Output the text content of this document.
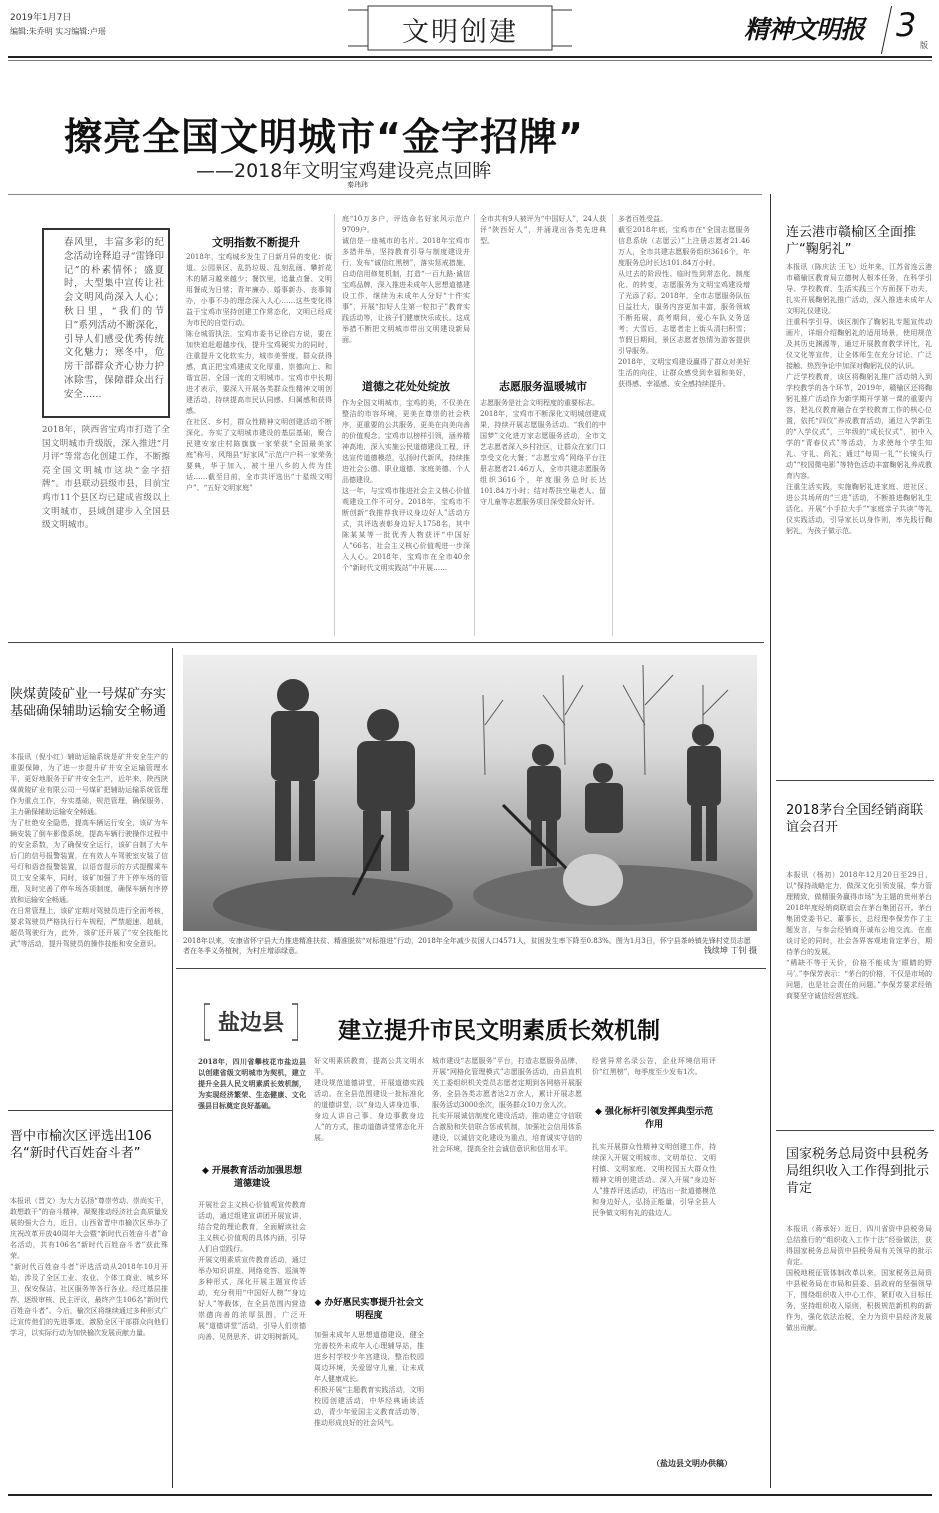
2019年1月7日
编辑:朱乔明 实习编辑:卢瑶	文明创建	精神文明报 3
版
擦亮全国文明城市“金字招牌”
——2018年文明宝鸡建设亮点回眸
秦玮玮
春风里，丰富多彩的纪念活动诠释追寻“雷锋印记”的朴素情怀；盛夏时，大型集中宣传让社会文明风尚深入人心；秋日里，“我们的节日”系列活动不断深化，引导人们感受优秀传统文化魅力；寒冬中，危房干部群众齐心协力护冰除雪，保障群众出行安全……
2018年，陕西省宝鸡市打造了全国文明城市升级版，深入推进“月月评”等常态化创建工作，不断擦亮全国文明城市这块“金字招牌”。市县联动县级市县，目前宝鸡市11个县区均已建成省级以上文明城市，县域创建步入全国县级文明城市。
文明指数不断提升
2018年，宝鸡城乡发生了日新月异的变化：街道、公园景区、乱扔垃圾、乱刻乱画、攀折花木的陋习越来越少；餐饮里，追量点餐、文明用餐成为日常；青年廉办、婚事新办、丧事简办，小事不办的理念深入人心……这些变化得益于宝鸡市坚持创建工作常态化，文明已经成为市民的自觉行动。
陈仓城管执法，宝鸡市委书记徐启方说，要在加快追赶超越步伐，提升宝鸡硬实力的同时，注重提升文化软实力，城市美誉度，群众获得感，真正把宝鸡建成文化厚重、崇德向上、和谐宜居、全国一流的文明城市。宝鸡市中长期进才表示，要深入开展各类群众性精神文明创建活动，持续提高市民认同感、归属感和获得感。
在社区、乡村，群众性精神文明创建活动不断深化。夯实了文明城市建设的基层基础，聚合民建安家庄村陈旗旗一家荣获“全国最美家庭”称号，风翔县“好家风”示范户户科一家荣务要典，华于加入，被十里八乡的人传为佳话……截至目前，全市共评选出“十星级文明户”、“五好文明家庭”
庭“10万多户，评选命名好家风示范户9709户。
诚信是一座城市的名片。2018年宝鸡市多措并举，坚持教育引导与制度建设并行，发布“诚信红黑榜”，落实惩戒措施，自动信用修复机制，打造“一百九路·诚信宝鸡品牌，深入推进未成年人思想道德建设工作，继续为未成年人分好“十件实事”，开展“扣好人生第一粒扣子”教育实践活动等，让孩子们健康快乐成长。这成举措不断把文明城市带出文明建设新局面。
道德之花处处绽放
作为全国文明城市，宝鸡的美，不仅美在整洁的市容环境，更美在尊崇的社会秩序，更重要的公共服务，更美在向美向善的价值观念。宝鸡市以榜样引领，涵养精神高地，深入实施公民道德建设工程，评选宣传道德模范，弘扬时代新风，持续推进社会公德、职业道德、家庭美德、个人品德建设。
这一年，与宝鸡市推进社会主义核心价值观建设工作不可分。2018年，宝鸡市不断创新“我推荐我评议身边好人”活动方式，共评选表彰身边好人1758名，其中陈某某等一批优秀人物获评“中国好人”66名，社会主义核心价值观进一步深入人心。2018年，宝鸡市在全市40余个“新时代文明实践站”中开展……
全市共有9人被评为“中国好人”，24人获评“陕西好人”，并涌现出各类先进典型。
志愿服务温暖城市
志愿服务是社会文明程度的重要标志。
2018年，宝鸡市不断深化文明城创建成果，持续开展志愿服务活动。“我们的中国梦”文化进万家志愿服务活动，全市文艺志愿者深入乡村社区，让群众在家门口享受文化大餐；“志愿宝鸡”网络平台注册志愿者21.46万人，全市共建志愿服务组织3616个，年度服务总时长达101.84万小时；结对帮扶空巢老人、留守儿童等志愿服务项目深受群众好评。
多者百姓受益。
截至2018年底，宝鸡市在“全国志愿服务信息系统（志愿云）”上注册志愿者21.46万人，全市共建志愿服务组织3616个，年度服务总时长达101.84万小时。
从过去的阶段性、临时性到常态化、制度化、的转变，志愿服务为文明宝鸡建设增了光添了彩。2018年，全市志愿服务队伍日益壮大，服务内容更加丰富，服务领域不断拓展，高考期间，爱心车队义务送考；大雪后，志愿者走上街头清扫积雪；节假日期间，景区志愿者热情为游客提供引导服务。
2018年，文明宝鸡建设赢得了群众对美好生活的向往，让群众感受到幸福和美好，获得感、幸福感、安全感持续提升。
2018年以来，安康省怀宁县大力推进精准扶贫、精准脱贫“对标推进”行动，2018年全年减少贫困人口4571人，贫困发生率下降至0.83%。图为1月3日，怀宁县茶岭镇先锋村党员志愿者在冬季义务植树，为村庄增添绿意。	钱续坤 丁钊 摄
陕煤黄陵矿业一号煤矿夯实基础确保辅助运输安全畅通
本报讯（倪小红）辅助运输系统是矿井安全生产的重要保障，为了进一步提升矿井安全运输管理水平，更好地服务于矿井安全生产，近年来，陕西陕煤黄陵矿业有限公司一号煤矿把辅助运输系统管理作为重点工作，夯实基础，规范管理，确保服务、主力确保辅助运输安全畅通。
为了杜绝安全隐患，提高车辆运行安全，该矿为车辆安装了倒车影像系统，提高车辆行驶操作过程中的安全系数，为了确保安全运行，该矿自制了大车后门的信号报警装置，在有效人车驾驶室安装了信号灯和语音报警装置，以语音提示的方式提醒乘车员工安全乘车，同时，该矿加强了井下停车场的管理，及时完善了停车场各项制度，确保车辆有序停放和运输安全畅通。
在日常管理上，该矿定期对驾驶员进行全面考核，要求驾驶员严格执行行车规程，严禁超速、超载，超员驾驶行为，此外，该矿还开展了“安全技能比武”等活动，提升驾驶员的操作技能和安全意识。
晋中市榆次区评选出106名“新时代百姓奋斗者”
本报讯（晋文）为大力弘扬“尊崇劳动、崇尚实干，敢想敢干”的奋斗精神，凝聚推动经济社会高质量发展的强大合力，近日，山西省晋中市榆次区举办了庆祝改革开放40周年大会暨“新时代百姓奋斗者”命名活动，共有106名“新时代百姓奋斗者”获此殊荣。
“新时代百姓奋斗者”评选活动从2018年10月开始，涉及了全区工业、农业、个体工商业、城乡环卫、保安保洁、社区服务等各行各业。经过基层推荐、逐级审核、民主评议，最终产生106名“新时代百姓奋斗者”。今后，榆次区将继续通过多种形式广泛宣传他们的先进事迹，激励全区干部群众向他们学习，以实际行动为加快榆次发展贡献力量。
盐边县	建立提升市民文明素质长效机制
2018年，四川省攀枝花市盐边县以创建省级文明城市为契机，建立提升全县人民文明素质长效机制，为实现经济繁荣、生态健康、文化强县目标奠定良好基础。
◆ 开展教育活动加强思想道德建设
开展社会主义核心价值观宣传教育活动，通过组建宣讲团开展宣讲，结合党的理论教育，全面解读社会主义核心价值观的具体内涵，引导人们自觉践行。
开展文明素质宣传教育活动，通过举办知识讲座、网络竞答、巡演等多种形式，深化开展主题宣传活动，充分利用“中国好人榜”“身边好人”等载体，在全县范围内营造崇德向善的浓厚氛围，广泛开展“道德讲堂”活动，引导人们崇德向善、见贤思齐、讲文明树新风。
好文明素质教育，提高公共文明水平。
建设规范道德讲堂，开展道德实践活动。在全县范围建设一批标准化的道德讲堂，以“身边人讲身边事、身边人讲自己事、身边事教身边人”的方式，推动道德讲堂常态化开展。
◆ 办好惠民实事提升社会文明程度
加强未成年人思想道德建设，健全完善校外未成年人心理辅导站，推进乡村学校少年宫建设，整治校园周边环境，关爱留守儿童，让未成年人健康成长。
积极开展“主题教育实践活动，文明校园创建活动，中华经典诵读活动，青少年爱国主义教育活动等，推动形成良好的社会风气。
城市建设“志愿服务”平台，打造志愿服务品牌，开展“网格化管理模式”志愿服务活动，由县直机关工委组织机关党员志愿者定期到各网格开展服务，全县各类志愿者达2万余人，累计开展志愿服务活动3000余次，服务群众10万余人次。
扎实开展诚信制度化建设活动，推动建立守信联合激励和失信联合惩戒机制，加强社会信用体系建设，以诚信文化建设为重点，培育诚实守信的社会环境，提高全社会诚信意识和信用水平。
经营异常名录公告，企业环境信用评价“红黑榜”，每季度至少发布1次。
◆ 强化标杆引领发挥典型示范作用
扎实开展群众性精神文明创建工作，持续深入开展文明城市、文明单位、文明村镇、文明家庭、文明校园五大群众性精神文明创建活动。深入开展“身边好人”推荐评选活动，评选出一批道德模范和身边好人，弘扬正能量，引导全县人民争做文明有礼的盐边人。
（盐边县文明办供稿）
连云港市赣榆区全面推广“鞠躬礼”
本报讯（陈庆法 王飞）近年来，江苏省连云港市赣榆区教育局立德树人根本任务，在科学引导、学校教育、生活实践三个方面探下功夫，扎实开展鞠躬礼推广活动，深入推进未成年人文明礼仪建设。
注重科学引导，该区制作了鞠躬礼专题宣传动画片，详细介绍鞠躬礼的适用场景，使用规范及其历史渊源等，通过开展教育教学评比，礼仪文化等宣传，让全体师生在充分讨论、广泛接触、热烈争论中加深对鞠躬礼仪的认识。
广泛学校教育，该区将鞠躬礼推广活动纳入到学校教学的各个环节，2019年，赣榆区还将鞠躬礼推广活动作为新学期开学第一课的重要内容，把礼仪教育融合在学校教育工作的核心位置，依托“四仪”养成教育活动，通过入学新生的“入学仪式”，三年级的“成长仪式”，初中入学的“青春仪式”等活动，力求使每个学生知礼、守礼、尚礼；通过“每周一礼”“长镜头行动”“校园微电影”等特色活动丰富鞠躬礼养成教育内容。
注重生活实践，实施鞠躬礼进家庭、进社区、进公共场所的“三进”活动，不断推进鞠躬礼生活化。开展“小手拉大手”“家庭亲子共读”等礼仪实践活动，引导家长以身作则，率先践行鞠躬礼，为孩子做示范。
2018茅台全国经销商联谊会召开
本报讯（杨初）2018年12月20日至29日，以“保持战略定力，做深文化引领发展，奉力管理精致，做精服务赢得市场”为主题的贵州茅台2018年度经销商联谊会在茅台集团召开。茅台集团党委书记、董事长，总经理李保芳作了主题发言，与参会经销商开诚布公地交流。在座谈讨论的同时，社会各界客观地肯定茅台，期待茅台的发展。
“稀缺不等于天价，价格不能成为‘眼睛的野马’。”李保芳表示：“茅台的价格，不仅是市场的问题，也是社会责任的问题。”李保芳要求经销商要坚守诚信经营底线。
国家税务总局资中县税务局组织收入工作得到批示肯定
本报讯（蒋承好）近日，四川省资中县税务局总结推行的“组织收入工作十法”经验做法，获得国家税务总局资中县税务局有关领导的批示肯定。
国税地税征管体制改革以来，国家税务总局资中县税务局在市局和县委、县政府的坚强领导下，围绕组织收入中心工作，紧盯收入目标任务，坚持组织收入原则，积极规范新机构的新作为，强化依法治税，全力为资中县经济发展做出贡献。
